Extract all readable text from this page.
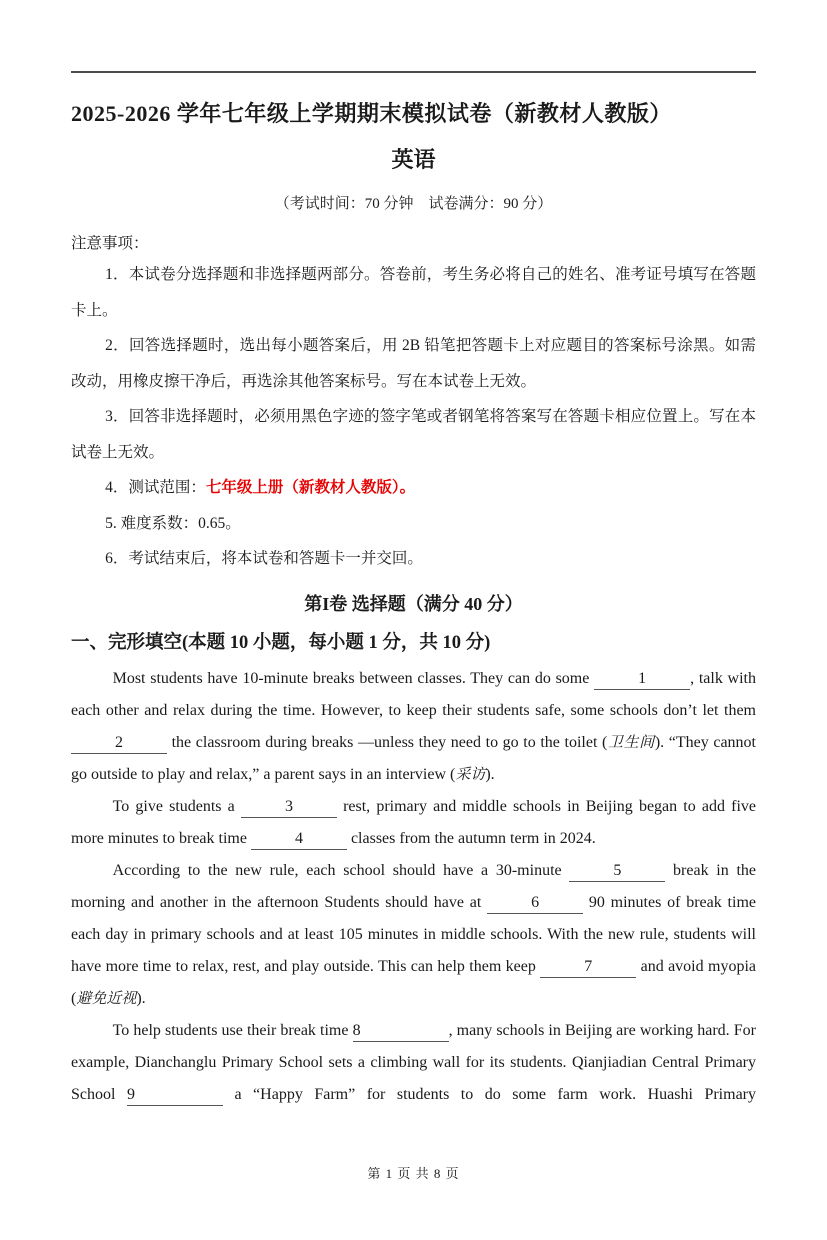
2025-2026 学年七年级上学期期末模拟试卷（新教材人教版）
英语
（考试时间：70 分钟　试卷满分：90 分）
注意事项：

1．本试卷分选择题和非选择题两部分。答卷前，考生务必将自己的姓名、准考证号填写在答题卡上。

2．回答选择题时，选出每小题答案后，用 2B 铅笔把答题卡上对应题目的答案标号涂黑。如需改动，用橡皮擦干净后，再选涂其他答案标号。写在本试卷上无效。

3．回答非选择题时，必须用黑色字迹的签字笔或者钢笔将答案写在答题卡相应位置上。写在本试卷上无效。

4．测试范围：七年级上册（新教材人教版）。

5. 难度系数：0.65。

6．考试结束后，将本试卷和答题卡一并交回。

第I卷 选择题（满分 40 分）
一、完形填空(本题 10 小题，每小题 1 分，共 10 分)

Most students have 10-minute breaks between classes. They can do some	1	, talk with each other and relax during the time. However, to keep their students safe, some schools don’t let them 2	the classroom during breaks —unless they need to go to the toilet (卫生间). “They cannot go outside to play and relax,” a parent says in an interview (采访).

To give students a	3	rest, primary and middle schools in Beijing began to add five more minutes to break time	4	classes from the autumn term in 2024.

According to the new rule, each school should have a 30-minute	5	break in the morning and another in the afternoon Students should have at	6	90 minutes of break time each day in primary schools and at least 105 minutes in middle schools. With the new rule, students will have more time to relax, rest, and play outside. This can help them keep	7	and avoid myopia (避免近视).

To help students use their break time 8	, many schools in Beijing are working hard. For example, Dianchanglu Primary School sets a climbing wall for its students. Qianjiadian Central Primary School 9	a “Happy Farm” for students to do some farm work. Huashi Primary

第 1 页 共 8 页
